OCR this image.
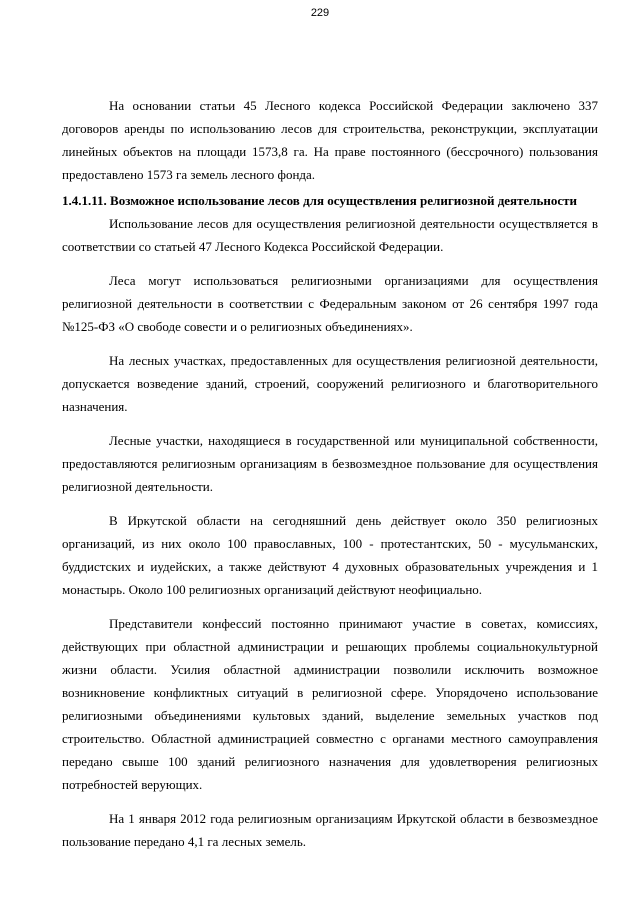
229

На основании статьи 45 Лесного кодекса Российской Федерации заключено 337 договоров аренды по использованию лесов для строительства, реконструкции, эксплуатации линейных объектов на площади 1573,8 га. На праве постоянного (бессрочного) пользования предоставлено 1573 га земель лесного фонда.

1.4.1.11. Возможное использование лесов для осуществления религиозной деятельности

Использование лесов для осуществления религиозной деятельности осуществляется в соответствии со статьей 47 Лесного Кодекса Российской Федерации.

Леса могут использоваться религиозными организациями для осуществления религиозной деятельности в соответствии с Федеральным законом от 26 сентября 1997 года №125-ФЗ «О свободе совести и о религиозных объединениях».

На лесных участках, предоставленных для осуществления религиозной деятельности, допускается возведение зданий, строений, сооружений религиозного и благотворительного назначения.

Лесные участки, находящиеся в государственной или муниципальной собственности, предоставляются религиозным организациям в безвозмездное пользование для осуществления религиозной деятельности.

В Иркутской области на сегодняшний день действует около 350 религиозных организаций, из них около 100 православных, 100 - протестантских, 50 - мусульманских, буддистских и иудейских, а также действуют 4 духовных образовательных учреждения и 1 монастырь. Около 100 религиозных организаций действуют неофициально.

Представители конфессий постоянно принимают участие в советах, комиссиях, действующих при областной администрации и решающих проблемы социальнокультурной жизни области. Усилия областной администрации позволили исключить возможное возникновение конфликтных ситуаций в религиозной сфере. Упорядочено использование религиозными объединениями культовых зданий, выделение земельных участков под строительство. Областной администрацией совместно с органами местного самоуправления передано свыше 100 зданий религиозного назначения для удовлетворения религиозных потребностей верующих.

На 1 января 2012 года религиозным организациям Иркутской области в безвозмездное пользование передано 4,1 га лесных земель.
